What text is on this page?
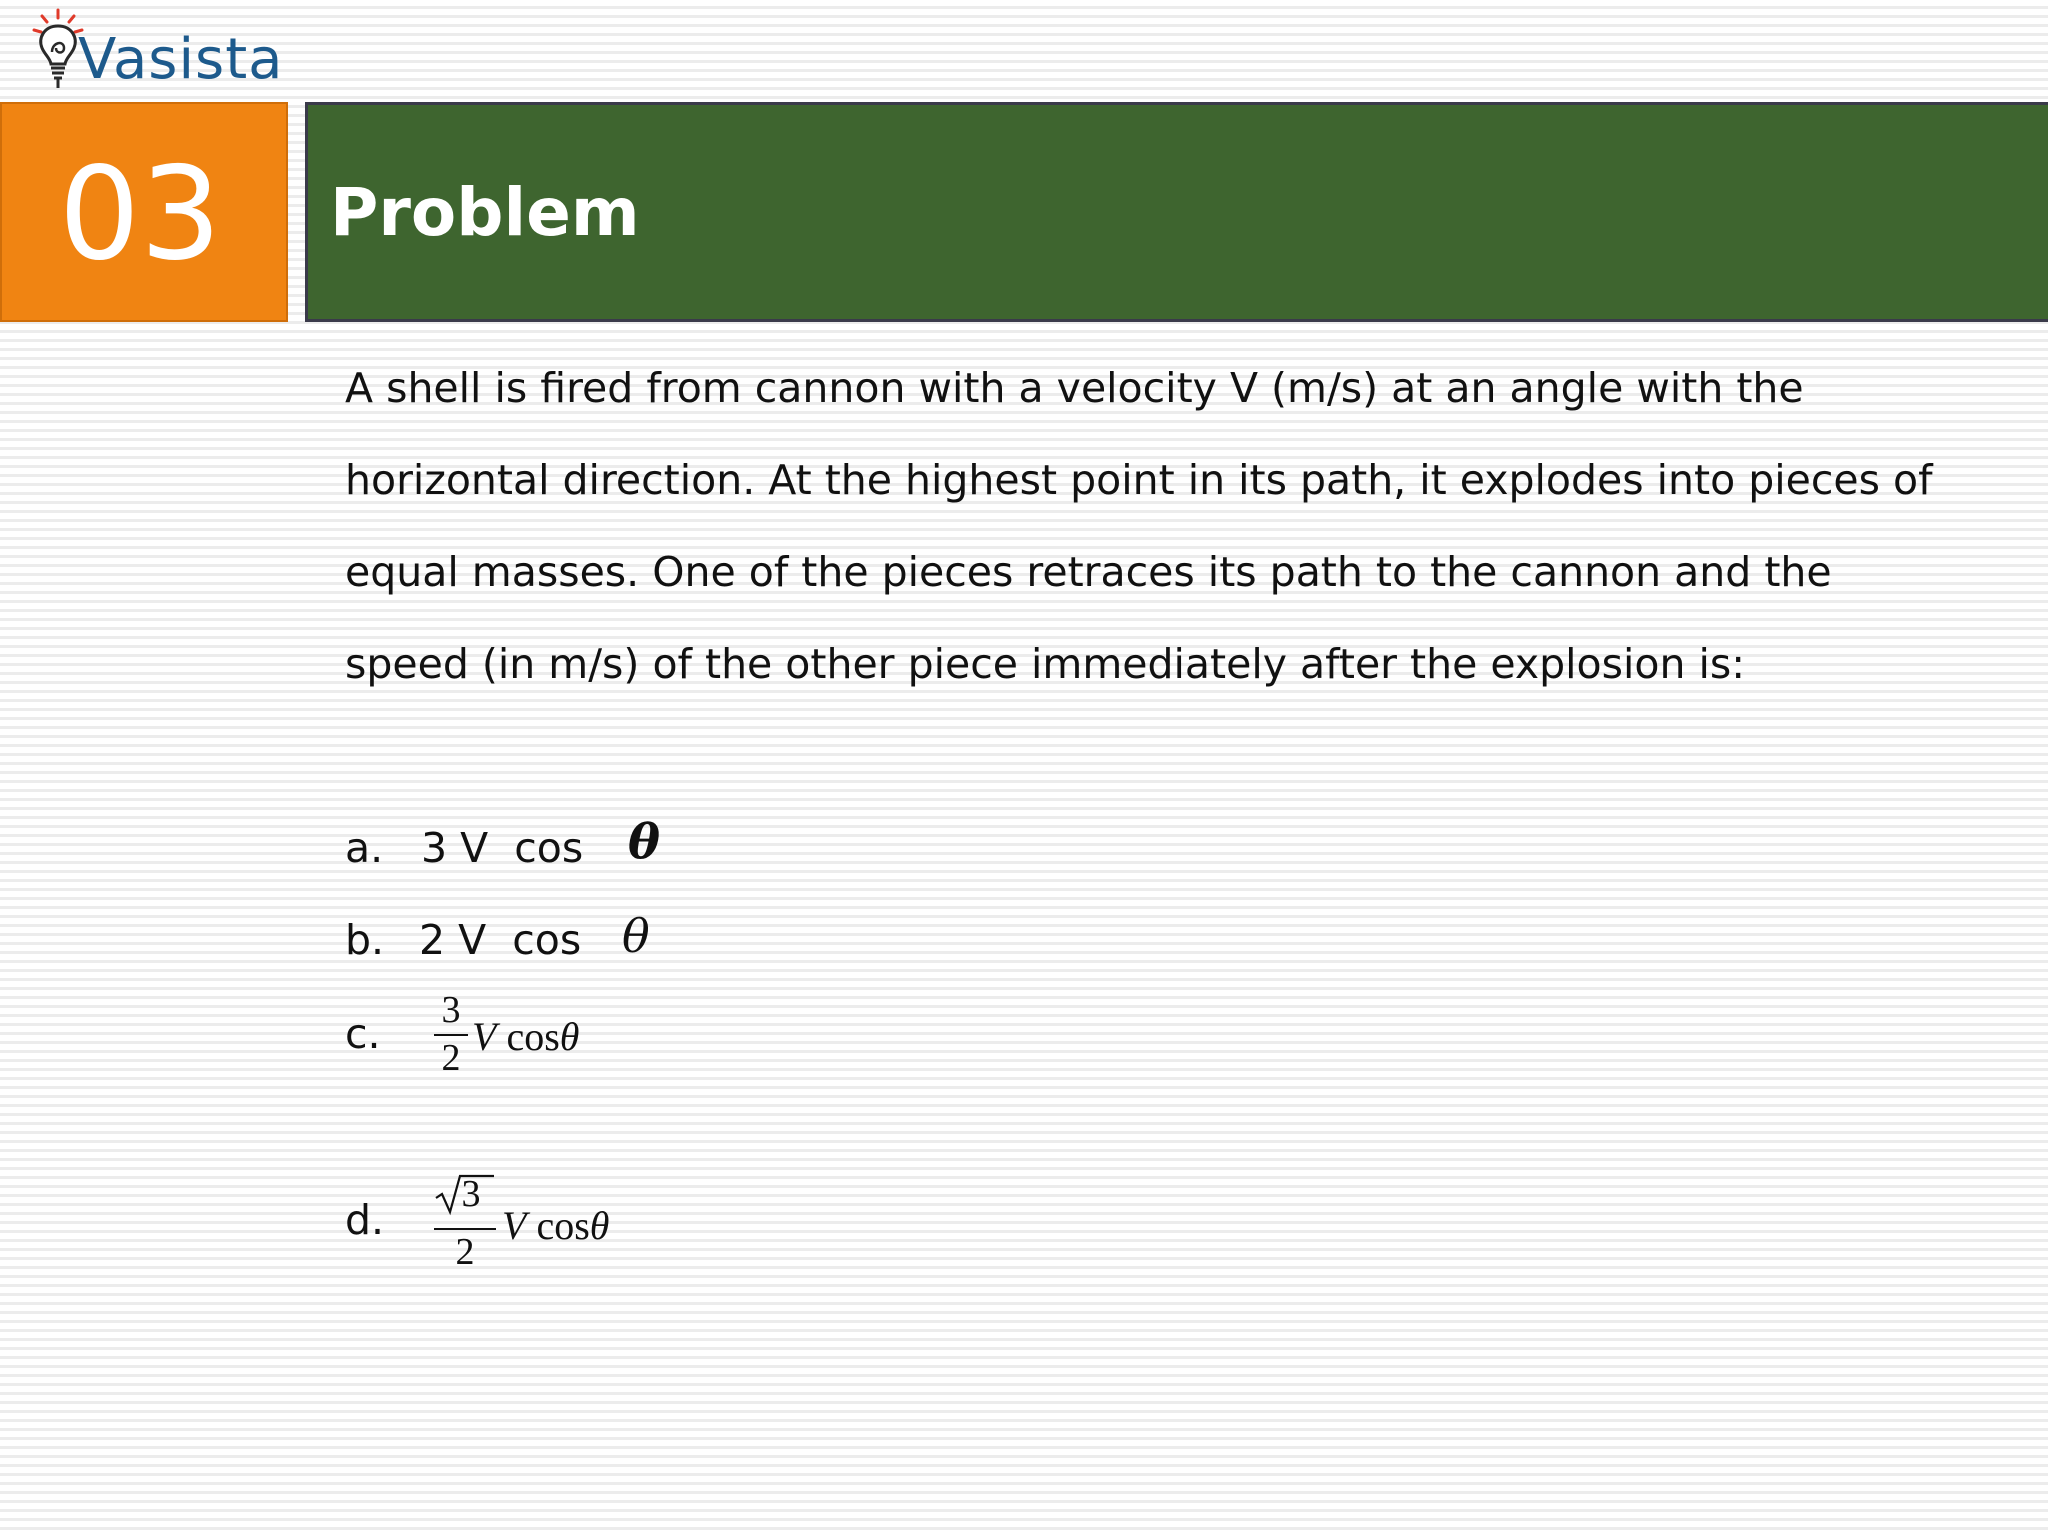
Vasista
03 Problem
A shell is fired from cannon with a velocity V (m/s) at an angle with the
horizontal direction. At the highest point in its path, it explodes into pieces of
equal masses. One of the pieces retraces its path to the cannon and the
speed (in m/s) of the other piece immediately after the explosion is:
a. 3 V  cos θ
b. 2 V  cos θ
c. 3
2 V cosθ
d.
3
2
V cosθ
